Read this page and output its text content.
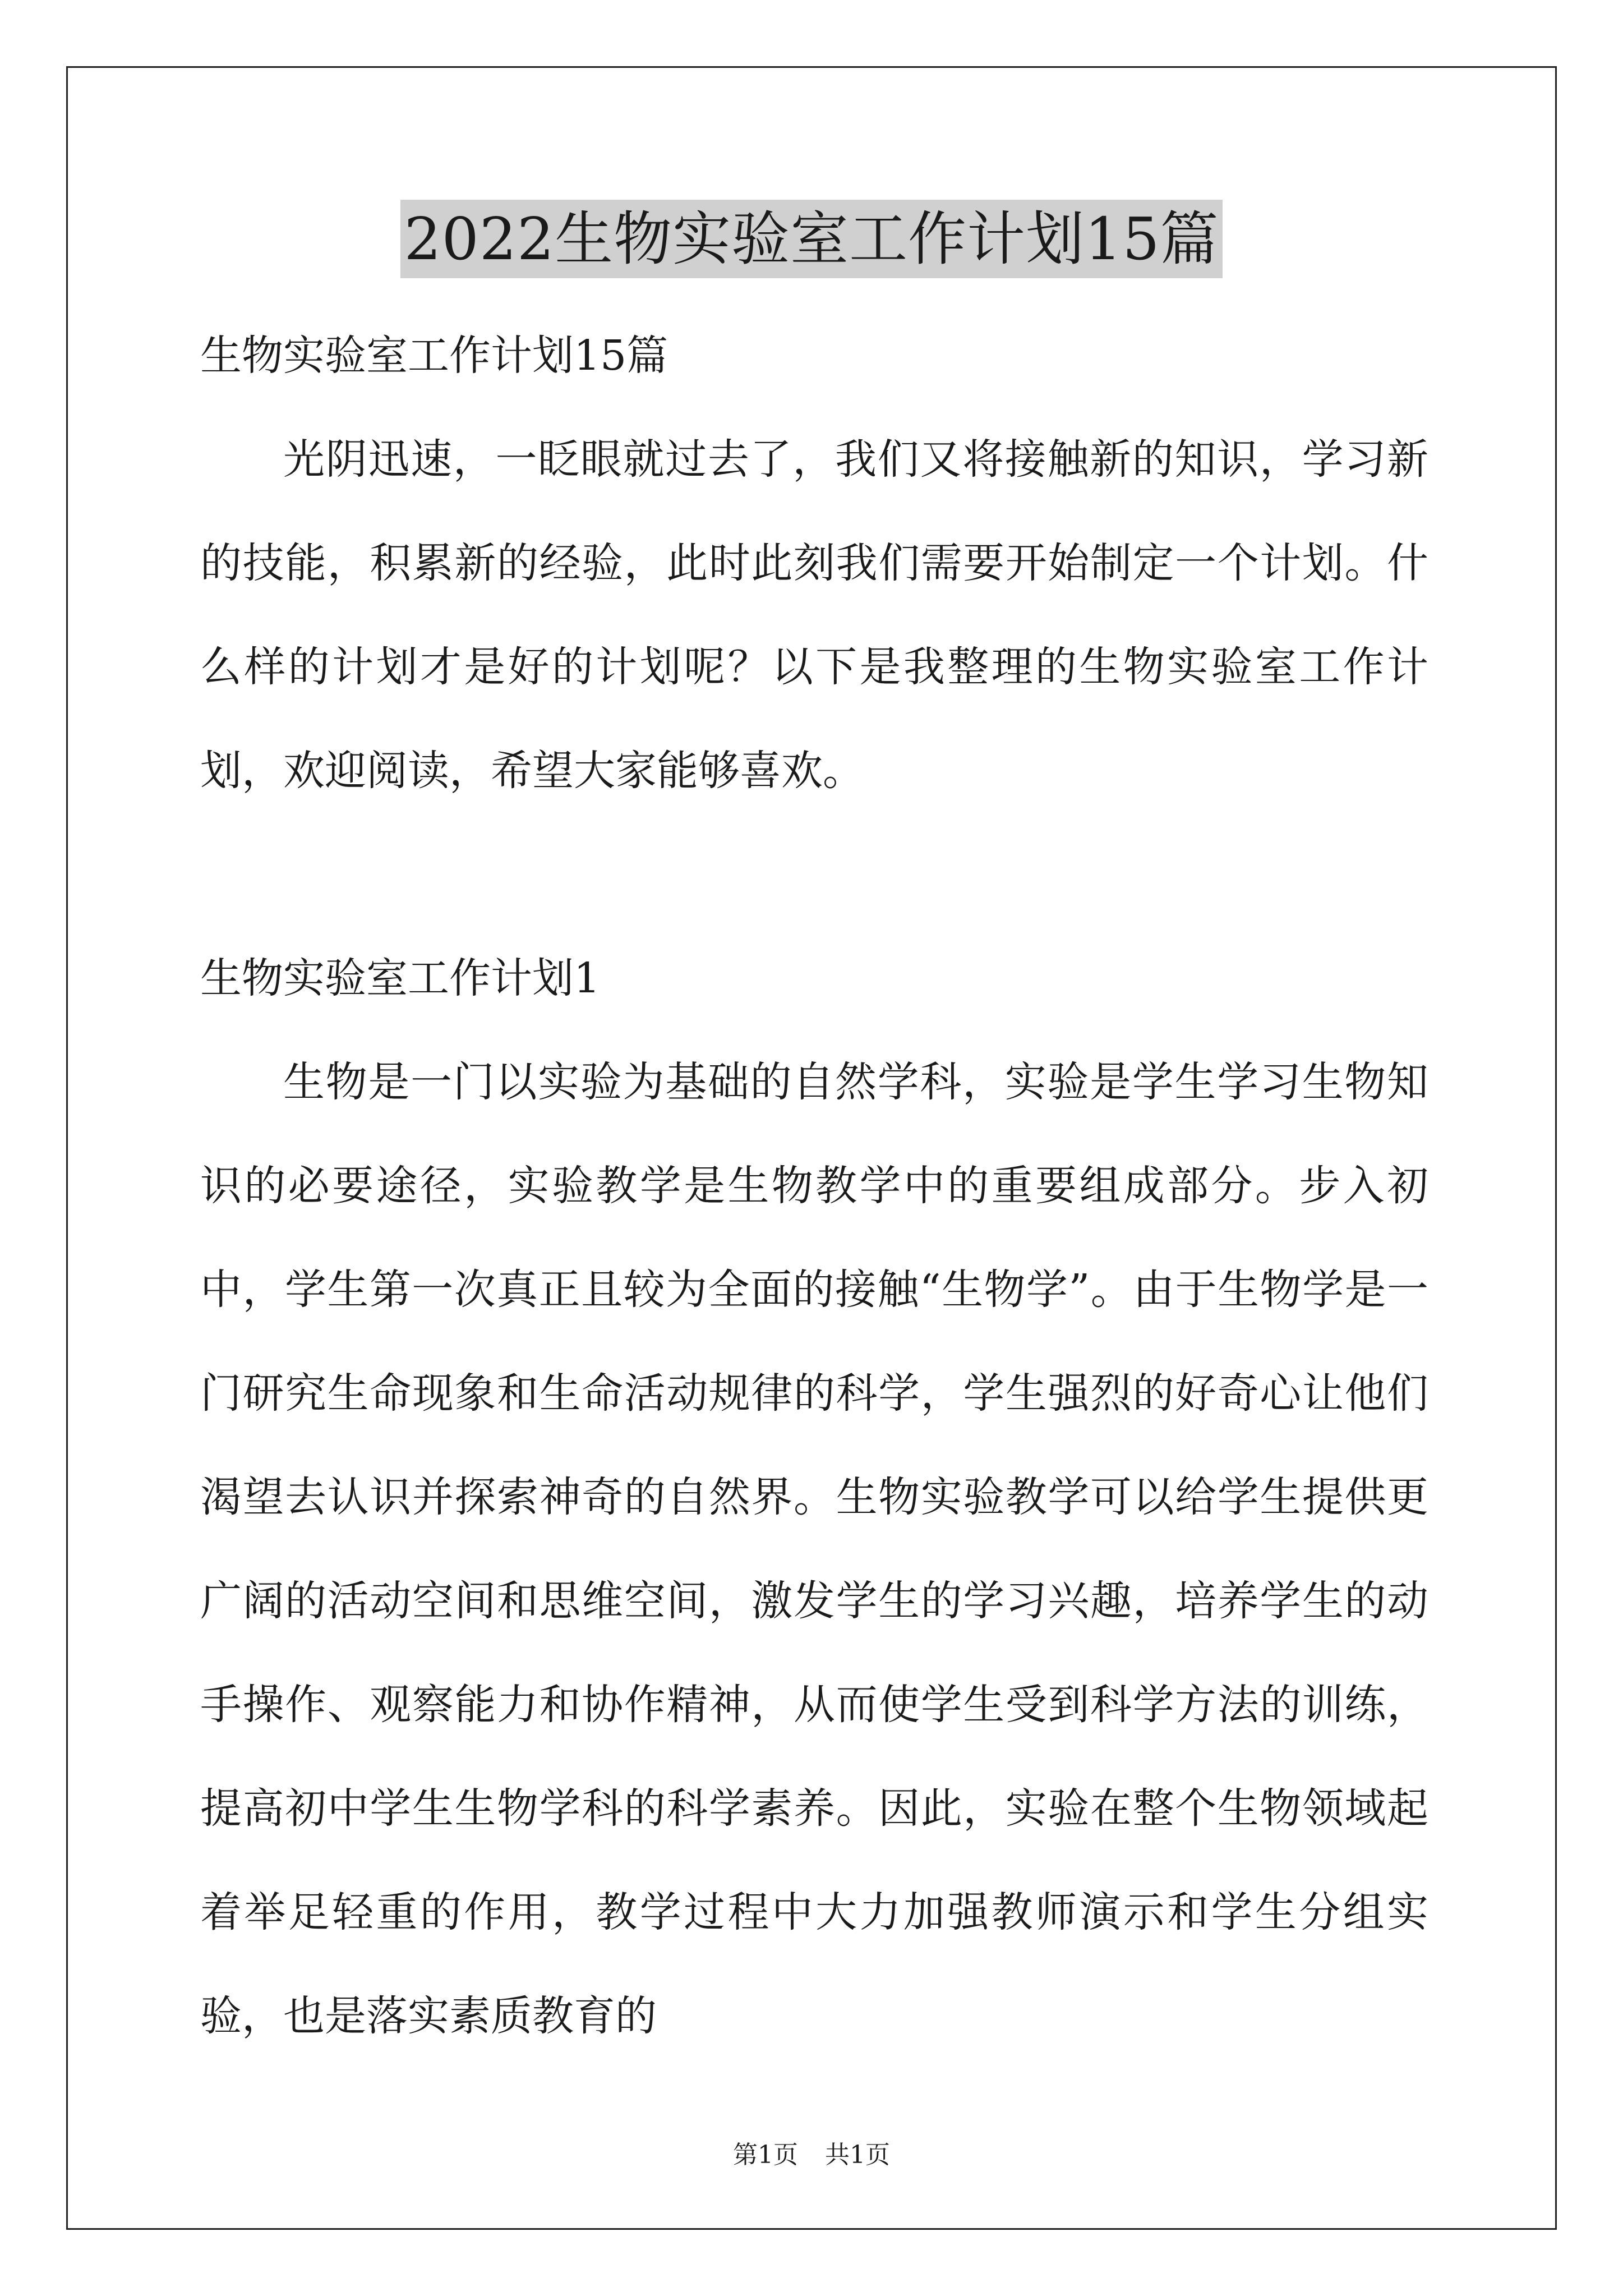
2022生物实验室工作计划15篇

生物实验室工作计划15篇

光阴迅速，一眨眼就过去了，我们又将接触新的知识，学习新的技能，积累新的经验，此时此刻我们需要开始制定一个计划。什么样的计划才是好的计划呢？以下是我整理的生物实验室工作计划，欢迎阅读，希望大家能够喜欢。

生物实验室工作计划1

生物是一门以实验为基础的自然学科，实验是学生学习生物知识的必要途径，实验教学是生物教学中的重要组成部分。步入初中，学生第一次真正且较为全面的接触“生物学”。由于生物学是一门研究生命现象和生命活动规律的科学，学生强烈的好奇心让他们渴望去认识并探索神奇的自然界。生物实验教学可以给学生提供更广阔的活动空间和思维空间，激发学生的学习兴趣，培养学生的动手操作、观察能力和协作精神，从而使学生受到科学方法的训练，提高初中学生生物学科的科学素养。因此，实验在整个生物领域起着举足轻重的作用，教学过程中大力加强教师演示和学生分组实验，也是落实素质教育的

第1页 共1页
